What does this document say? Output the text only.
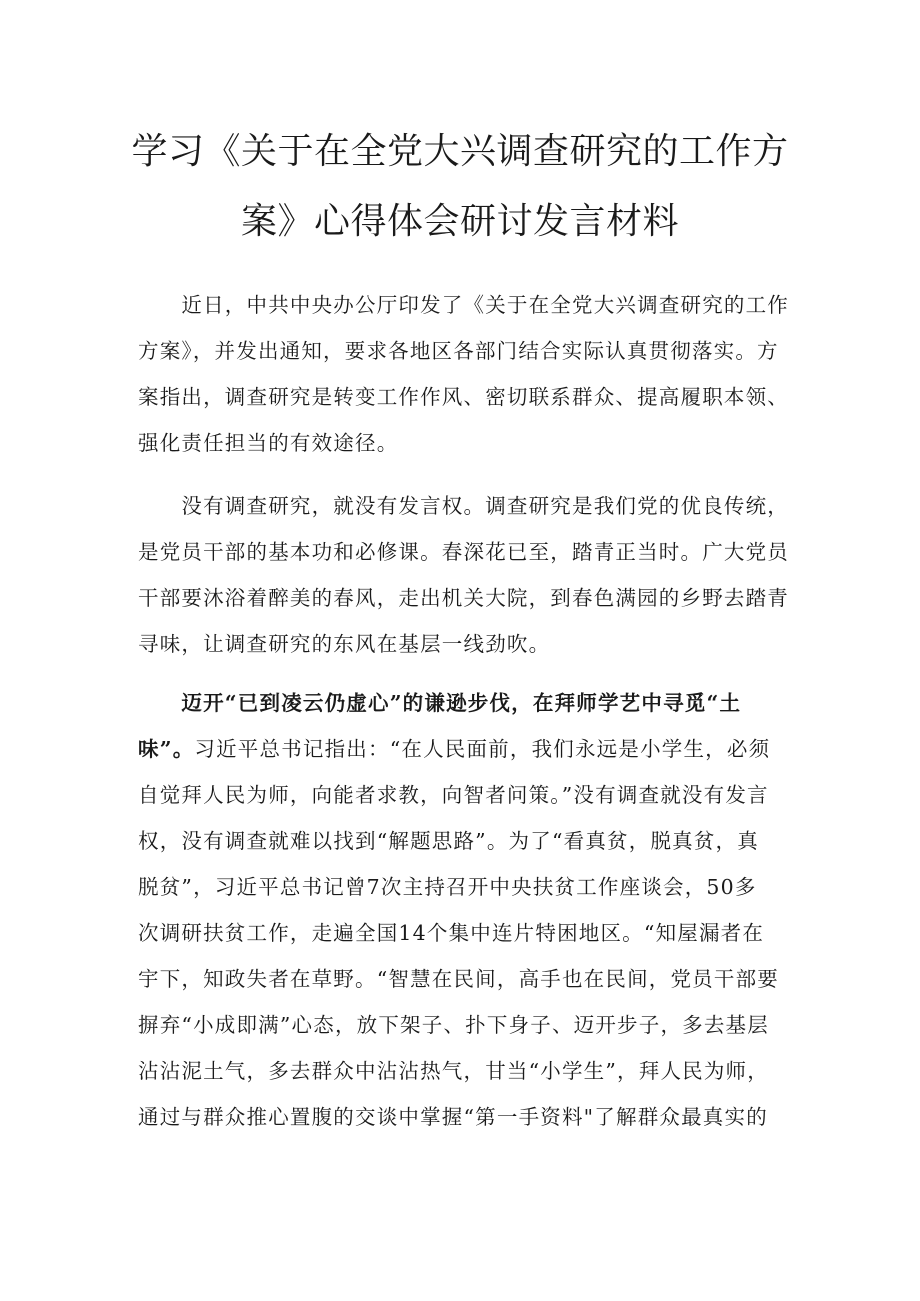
学习《关于在全党大兴调查研究的工作方
案》心得体会研讨发言材料
　　近日，中共中央办公厅印发了《关于在全党大兴调查研究的工作
方案》，并发出通知，要求各地区各部门结合实际认真贯彻落实。方
案指出，调查研究是转变工作作风、密切联系群众、提高履职本领、
强化责任担当的有效途径。
　　没有调查研究，就没有发言权。调查研究是我们党的优良传统，
是党员干部的基本功和必修课。春深花已至，踏青正当时。广大党员
干部要沐浴着醉美的春风，走出机关大院，到春色满园的乡野去踏青
寻味，让调查研究的东风在基层一线劲吹。
　　迈开“已到凌云仍虚心”的谦逊步伐，在拜师学艺中寻觅“土
味”。习近平总书记指出：“在人民面前，我们永远是小学生，必须
自觉拜人民为师，向能者求教，向智者问策。”没有调查就没有发言
权，没有调查就难以找到“解题思路”。为了“看真贫，脱真贫，真
脱贫”，习近平总书记曾7次主持召开中央扶贫工作座谈会，50多
次调研扶贫工作，走遍全国14个集中连片特困地区。“知屋漏者在
宇下，知政失者在草野。“智慧在民间，高手也在民间，党员干部要
摒弃“小成即满”心态，放下架子、扑下身子、迈开步子，多去基层
沾沾泥土气，多去群众中沾沾热气，甘当“小学生”，拜人民为师，
通过与群众推心置腹的交谈中掌握“第一手资料"了解群众最真实的
